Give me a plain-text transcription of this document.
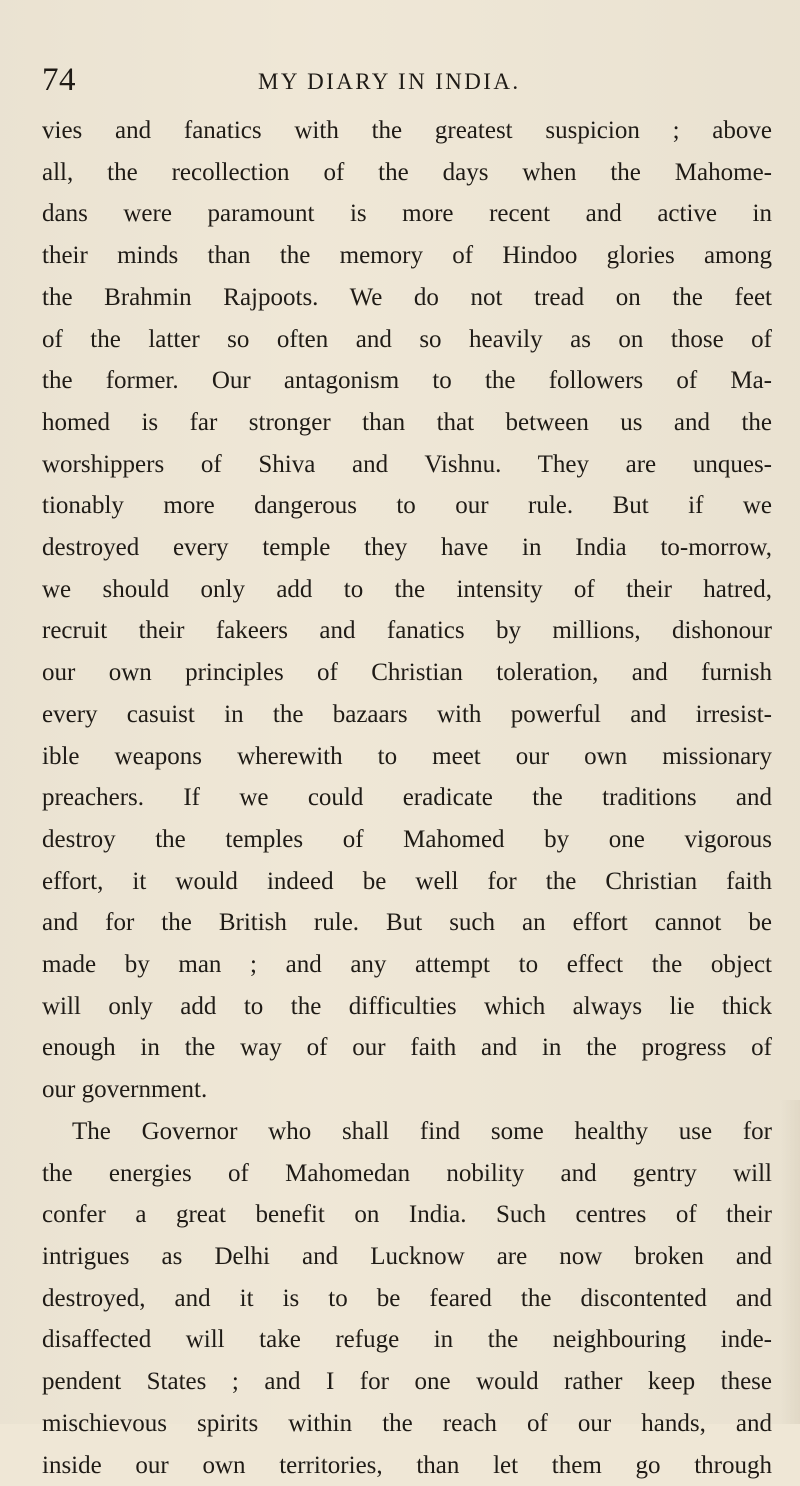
74	MY DIARY IN INDIA.
vies and fanatics with the greatest suspicion ; above
all, the recollection of the days when the Mahome-
dans were paramount is more recent and active in
their minds than the memory of Hindoo glories among
the Brahmin Rajpoots. We do not tread on the feet
of the latter so often and so heavily as on those of
the former. Our antagonism to the followers of Ma-
homed is far stronger than that between us and the
worshippers of Shiva and Vishnu. They are unques-
tionably more dangerous to our rule. But if we
destroyed every temple they have in India to-morrow,
we should only add to the intensity of their hatred,
recruit their fakeers and fanatics by millions, dishonour
our own principles of Christian toleration, and furnish
every casuist in the bazaars with powerful and irresist-
ible weapons wherewith to meet our own missionary
preachers. If we could eradicate the traditions and
destroy the temples of Mahomed by one vigorous
effort, it would indeed be well for the Christian faith
and for the British rule. But such an effort cannot be
made by man ; and any attempt to effect the object
will only add to the difficulties which always lie thick
enough in the way of our faith and in the progress of
our government.
The Governor who shall find some healthy use for
the energies of Mahomedan nobility and gentry will
confer a great benefit on India. Such centres of their
intrigues as Delhi and Lucknow are now broken and
destroyed, and it is to be feared the discontented and
disaffected will take refuge in the neighbouring inde-
pendent States ; and I for one would rather keep these
mischievous spirits within the reach of our hands, and
inside our own territories, than let them go through
